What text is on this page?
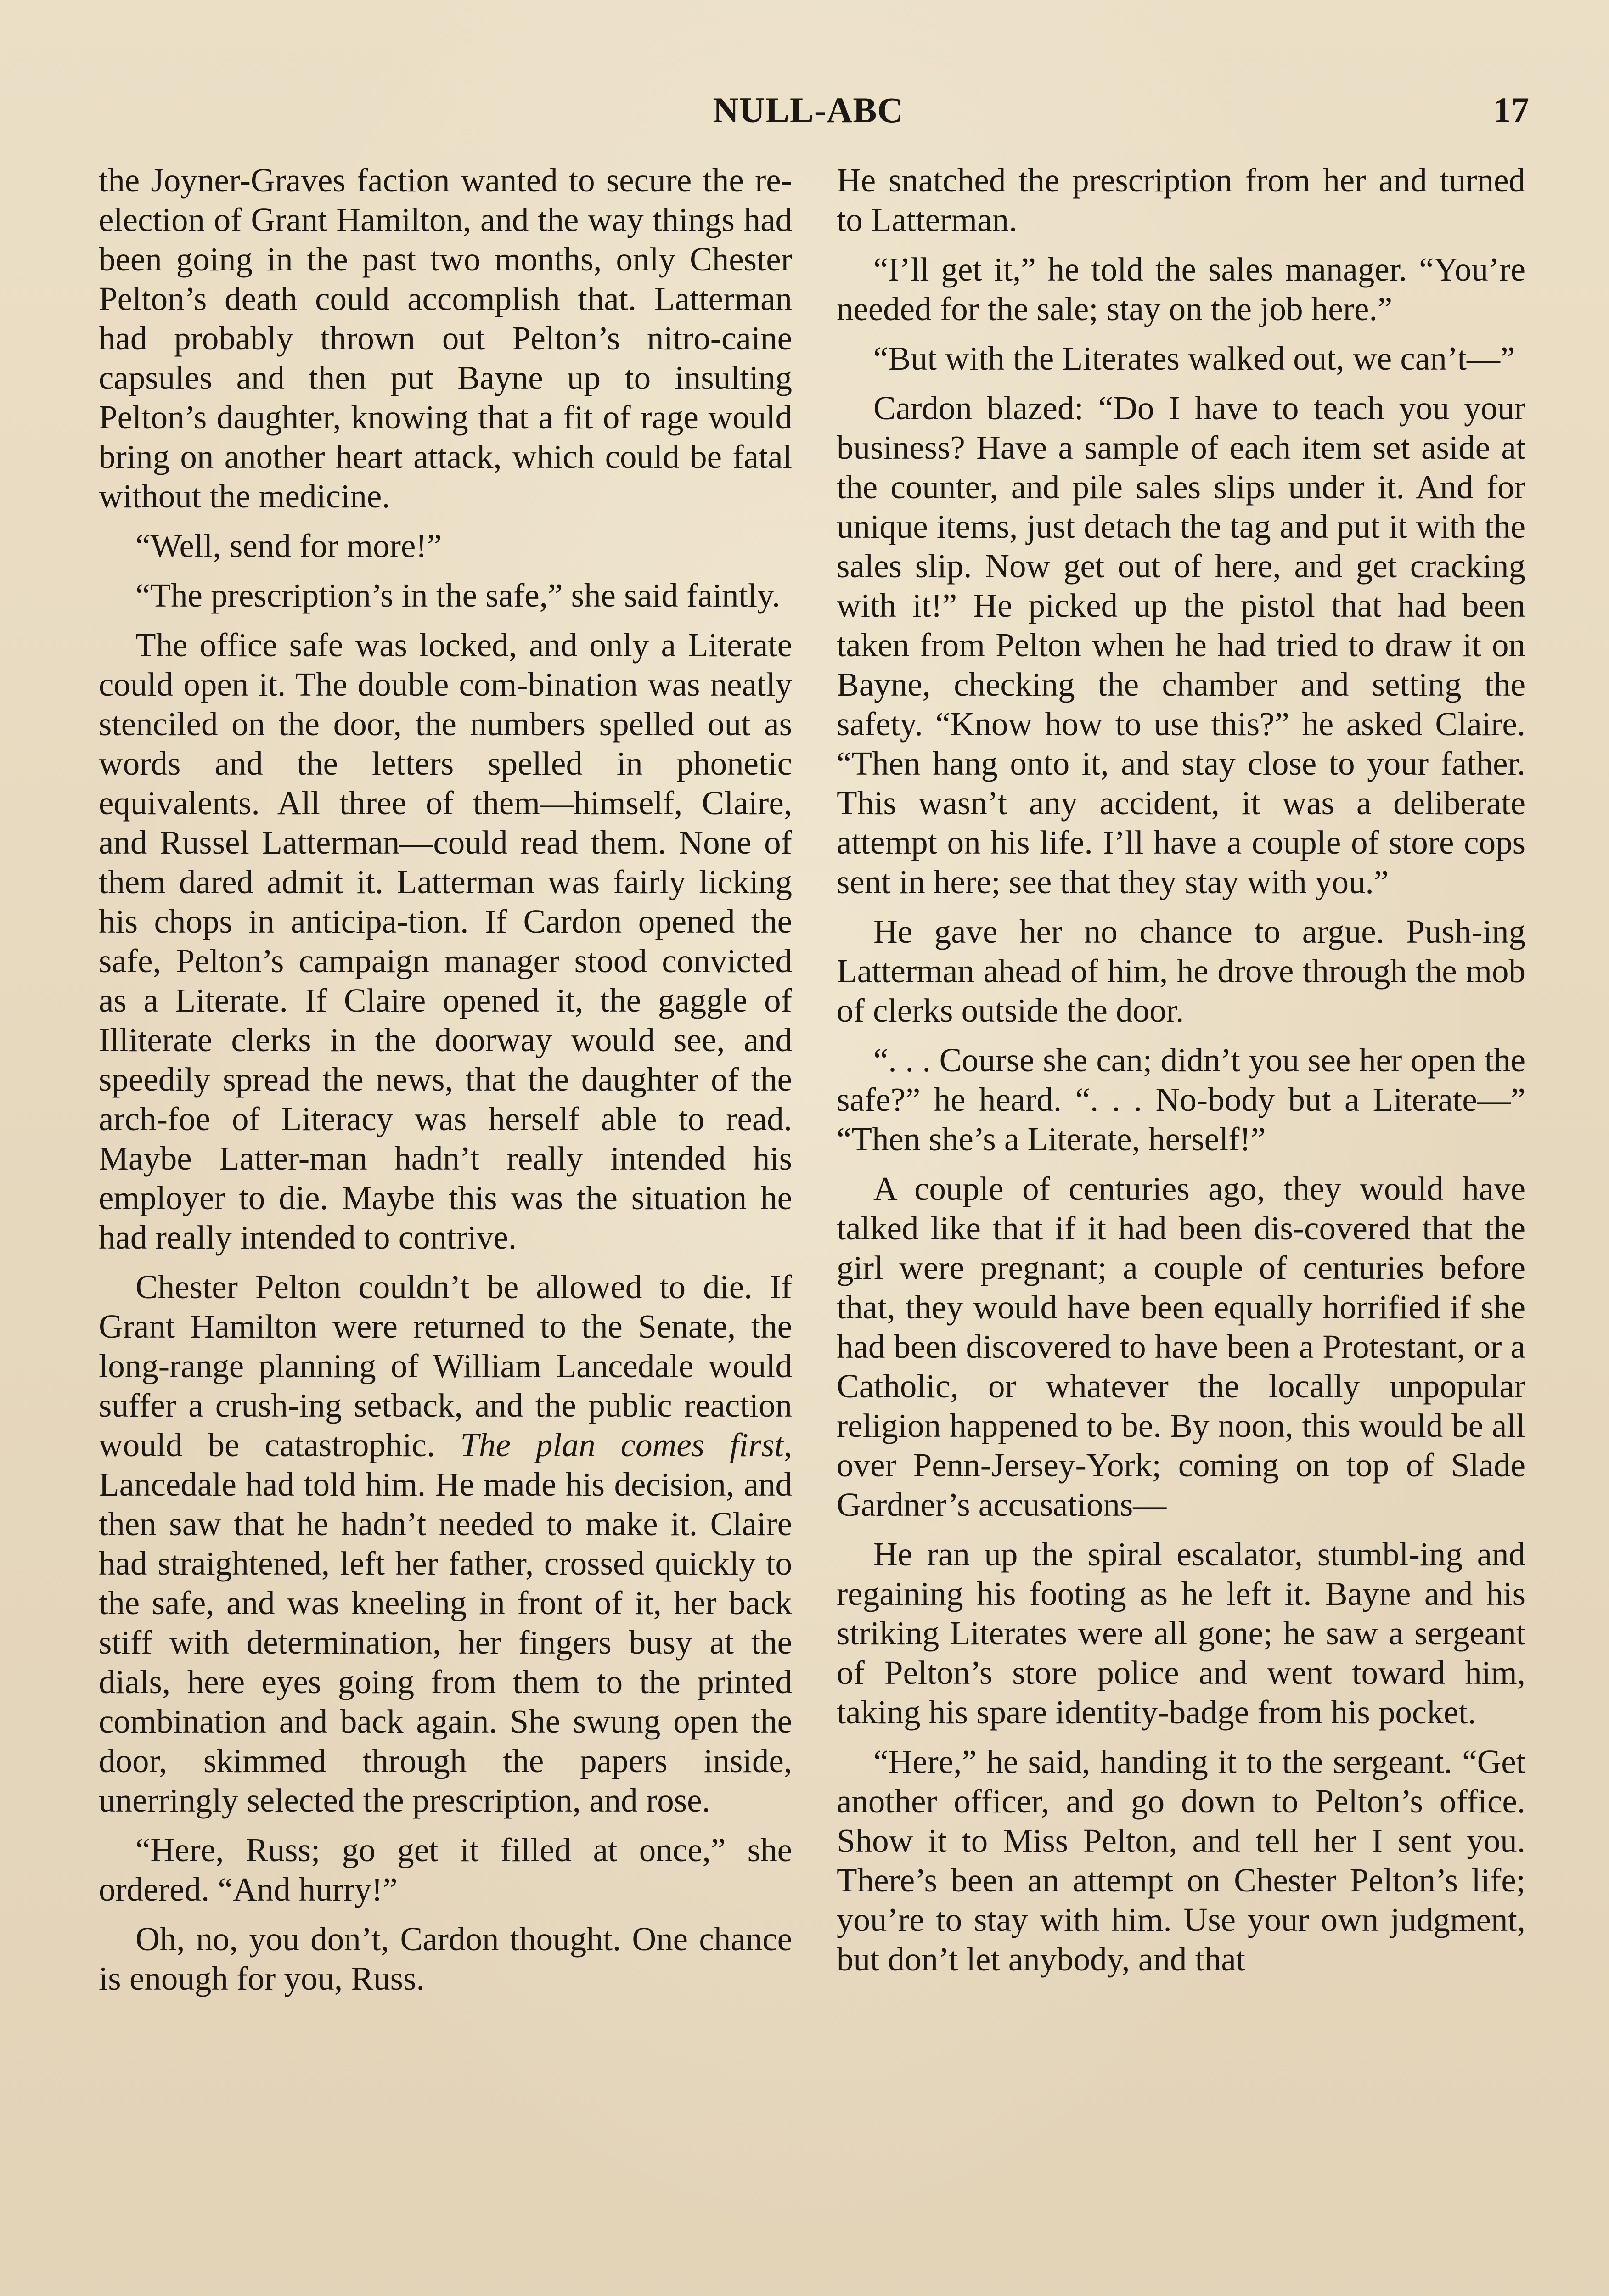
NULL-ABC	17

the Joyner-Graves faction wanted to secure the re-election of Grant Hamilton, and the way things had been going in the past two months, only Chester Pelton’s death could accomplish that. Latterman had probably thrown out Pelton’s nitro-caine capsules and then put Bayne up to insulting Pelton’s daughter, knowing that a fit of rage would bring on another heart attack, which could be fatal without the medicine.

“Well, send for more!”

“The prescription’s in the safe,” she said faintly.

The office safe was locked, and only a Literate could open it. The double com-bination was neatly stenciled on the door, the numbers spelled out as words and the letters spelled in phonetic equivalents. All three of them—himself, Claire, and Russel Latterman—could read them. None of them dared admit it. Latterman was fairly licking his chops in anticipa-tion. If Cardon opened the safe, Pelton’s campaign manager stood convicted as a Literate. If Claire opened it, the gaggle of Illiterate clerks in the doorway would see, and speedily spread the news, that the daughter of the arch-foe of Literacy was herself able to read. Maybe Latter-man hadn’t really intended his employer to die. Maybe this was the situation he had really intended to contrive.

Chester Pelton couldn’t be allowed to die. If Grant Hamilton were returned to the Senate, the long-range planning of William Lancedale would suffer a crush-ing setback, and the public reaction would be catastrophic. The plan comes first, Lancedale had told him. He made his decision, and then saw that he hadn’t needed to make it. Claire had straightened, left her father, crossed quickly to the safe, and was kneeling in front of it, her back stiff with determination, her fingers busy at the dials, here eyes going from them to the printed combination and back again. She swung open the door, skimmed through the papers inside, unerringly selected the prescription, and rose.

“Here, Russ; go get it filled at once,” she ordered. “And hurry!”

Oh, no, you don’t, Cardon thought. One chance is enough for you, Russ.

He snatched the prescription from her and turned to Latterman.

“I’ll get it,” he told the sales manager. “You’re needed for the sale; stay on the job here.”

“But with the Literates walked out, we can’t—”

Cardon blazed: “Do I have to teach you your business? Have a sample of each item set aside at the counter, and pile sales slips under it. And for unique items, just detach the tag and put it with the sales slip. Now get out of here, and get cracking with it!” He picked up the pistol that had been taken from Pelton when he had tried to draw it on Bayne, checking the chamber and setting the safety. “Know how to use this?” he asked Claire. “Then hang onto it, and stay close to your father. This wasn’t any accident, it was a deliberate attempt on his life. I’ll have a couple of store cops sent in here; see that they stay with you.”

He gave her no chance to argue. Push-ing Latterman ahead of him, he drove through the mob of clerks outside the door.

“. . . Course she can; didn’t you see her open the safe?” he heard. “. . . No-body but a Literate—” “Then she’s a Literate, herself!”

A couple of centuries ago, they would have talked like that if it had been dis-covered that the girl were pregnant; a couple of centuries before that, they would have been equally horrified if she had been discovered to have been a Protestant, or a Catholic, or whatever the locally unpopular religion happened to be. By noon, this would be all over Penn-Jersey-York; coming on top of Slade Gardner’s accusations—

He ran up the spiral escalator, stumbl-ing and regaining his footing as he left it. Bayne and his striking Literates were all gone; he saw a sergeant of Pelton’s store police and went toward him, taking his spare identity-badge from his pocket.

“Here,” he said, handing it to the sergeant. “Get another officer, and go down to Pelton’s office. Show it to Miss Pelton, and tell her I sent you. There’s been an attempt on Chester Pelton’s life; you’re to stay with him. Use your own judgment, but don’t let anybody, and that
